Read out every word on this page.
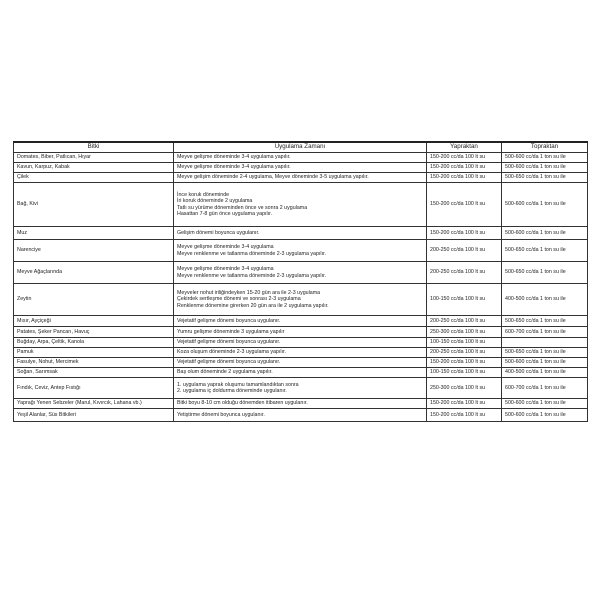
Bitki	Uygulama Zamanı	Yapraktan	Topraktan
Domates, Biber, Patlıcan, Hıyar	Meyve gelişme döneminde 3-4 uygulama yapılır.	150-200 cc/da 100 lt su	500-600 cc/da 1 ton su ile
Kavun, Karpuz, Kabak	Meyve gelişme döneminde 3-4 uygulama yapılır.	150-200 cc/da 100 lt su	500-600 cc/da 1 ton su ile
Çilek	Meyve gelişim döneminde 2-4 uygulama, Meyve döneminde 3-5 uygulama yapılır.	150-200 cc/da 100 lt su	500-650 cc/da 1 ton su ile
Bağ, Kivi	İnce koruk döneminde
İri koruk döneminde 2 uygulama
Tatlı su yürüme döneminden önce ve sonra 2 uygulama
Hasattan 7-8 gün önce uygulama yapılır.	150-200 cc/da 100 lt su	500-600 cc/da 1 ton su ile
Muz	Gelişim dönemi boyunca uygulanır.	150-200 cc/da 100 lt su	500-600 cc/da 1 ton su ile
Narenciye	Meyve gelişme döneminde 3-4 uygulama
Meyve renklenme ve tatlanma döneminde 2-3 uygulama yapılır.	200-250 cc/da 100 lt su	500-650 cc/da 1 ton su ile
Meyve Ağaçlarında	Meyve gelişme döneminde 3-4 uygulama
Meyve renklenme ve tatlanma döneminde 2-3 uygulama yapılır.	200-250 cc/da 100 lt su	500-650 cc/da 1 ton su ile
Zeytin	Meyveler nohut iriliğindeyken 15-20 gün ara ile 2-3 uygulama
Çekirdek sertleşme dönemi ve sonrası 2-3 uygulama
Renklenme dönemine girerken 20 gün ara ile 2 uygulama yapılır.	100-150 cc/da 100 lt su	400-500 cc/da 1 ton su ile
Mısır, Ayçiçeği	Vejetatif gelişme dönemi boyunca uygulanır.	200-250 cc/da 100 lt su	500-650 cc/da 1 ton su ile
Patates, Şeker Pancarı, Havuç	Yumru gelişme döneminde 3 uygulama yapılır	250-300 cc/da 100 lt su	600-700 cc/da 1 ton su ile
Buğday, Arpa, Çeltik, Kanola	Vejetatif gelişme dönemi boyunca uygulanır.	100-150 cc/da 100 lt su	
Pamuk	Koza oluşum döneminde 2-3 uygulama yapılır.	200-250 cc/da 100 lt su	500-650 cc/da 1 ton su ile
Fasulye, Nohut, Mercimek	Vejetatif gelişme dönemi boyunca uygulanır.	150-200 cc/da 100 lt su	500-600 cc/da 1 ton su ile
Soğan, Sarımsak	Baş olum döneminde 2 uygulama yapılır.	100-150 cc/da 100 lt su	400-500 cc/da 1 ton su ile
Fındık, Ceviz, Antep Fıstığı	1. uygulama yaprak oluşumu tamamlandıktan sonra
2. uygulama iç doldurma döneminde uygulanır.	250-300 cc/da 100 lt su	600-700 cc/da 1 ton su ile
Yaprağı Yenen Sebzeler (Marul, Kıvırcık, Lahana vb.)	Bitki boyu 8-10 cm olduğu dönemden itibaren uygulanır.	150-200 cc/da 100 lt su	500-600 cc/da 1 ton su ile
Yeşil Alanlar, Süs Bitkileri	Yetiştirme dönemi boyunca uygulanır.	150-200 cc/da 100 lt su	500-600 cc/da 1 ton su ile
